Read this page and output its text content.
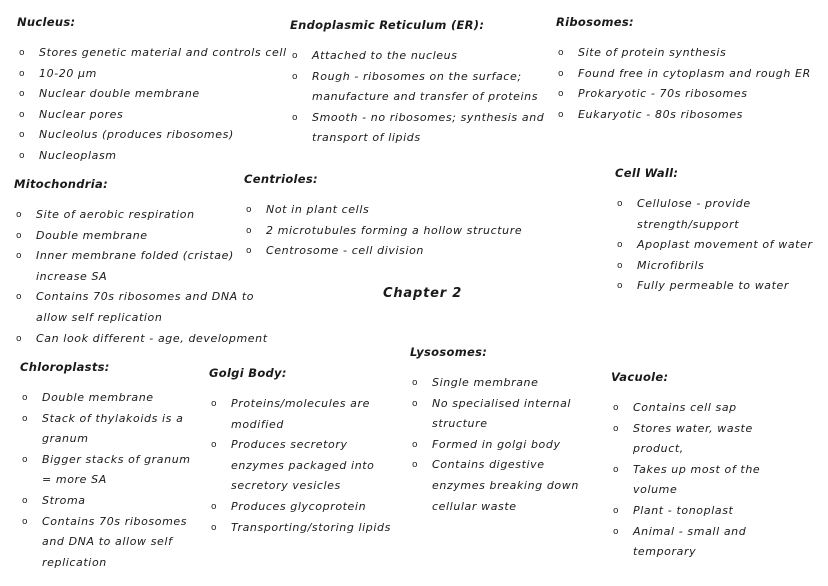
Chapter 2
Nucleus:
o Stores genetic material and controls cell
o 10-20 µm
o Nuclear double membrane
o Nuclear pores
o Nucleolus (produces ribosomes)
o Nucleoplasm
Endoplasmic Reticulum (ER):
o Attached to the nucleus
o Rough - ribosomes on the surface;
manufacture and transfer of proteins
o Smooth - no ribosomes; synthesis and
transport of lipids
Ribosomes:
o Site of protein synthesis
o Found free in cytoplasm and rough ER
o Prokaryotic - 70s ribosomes
o Eukaryotic - 80s ribosomes
Mitochondria:
o Site of aerobic respiration
o Double membrane
o Inner membrane folded (cristae)
increase SA
o Contains 70s ribosomes and DNA to
allow self replication
o Can look different - age, development
Centrioles:
o Not in plant cells
o 2 microtubules forming a hollow structure
o Centrosome - cell division
Cell Wall:
o Cellulose - provide
strength/support
o Apoplast movement of water
o Microfibrils
o Fully permeable to water
Chloroplasts:
o Double membrane
o Stack of thylakoids is a
granum
o Bigger stacks of granum
= more SA
o Stroma
o Contains 70s ribosomes
and DNA to allow self
replication
Golgi Body:
o Proteins/molecules are
modified
o Produces secretory
enzymes packaged into
secretory vesicles
o Produces glycoprotein
o Transporting/storing lipids
Lysosomes:
o Single membrane
o No specialised internal
structure
o Formed in golgi body
o Contains digestive
enzymes breaking down
cellular waste
Vacuole:
o Contains cell sap
o Stores water, waste
product,
o Takes up most of the
volume
o Plant - tonoplast
o Animal - small and
temporary
